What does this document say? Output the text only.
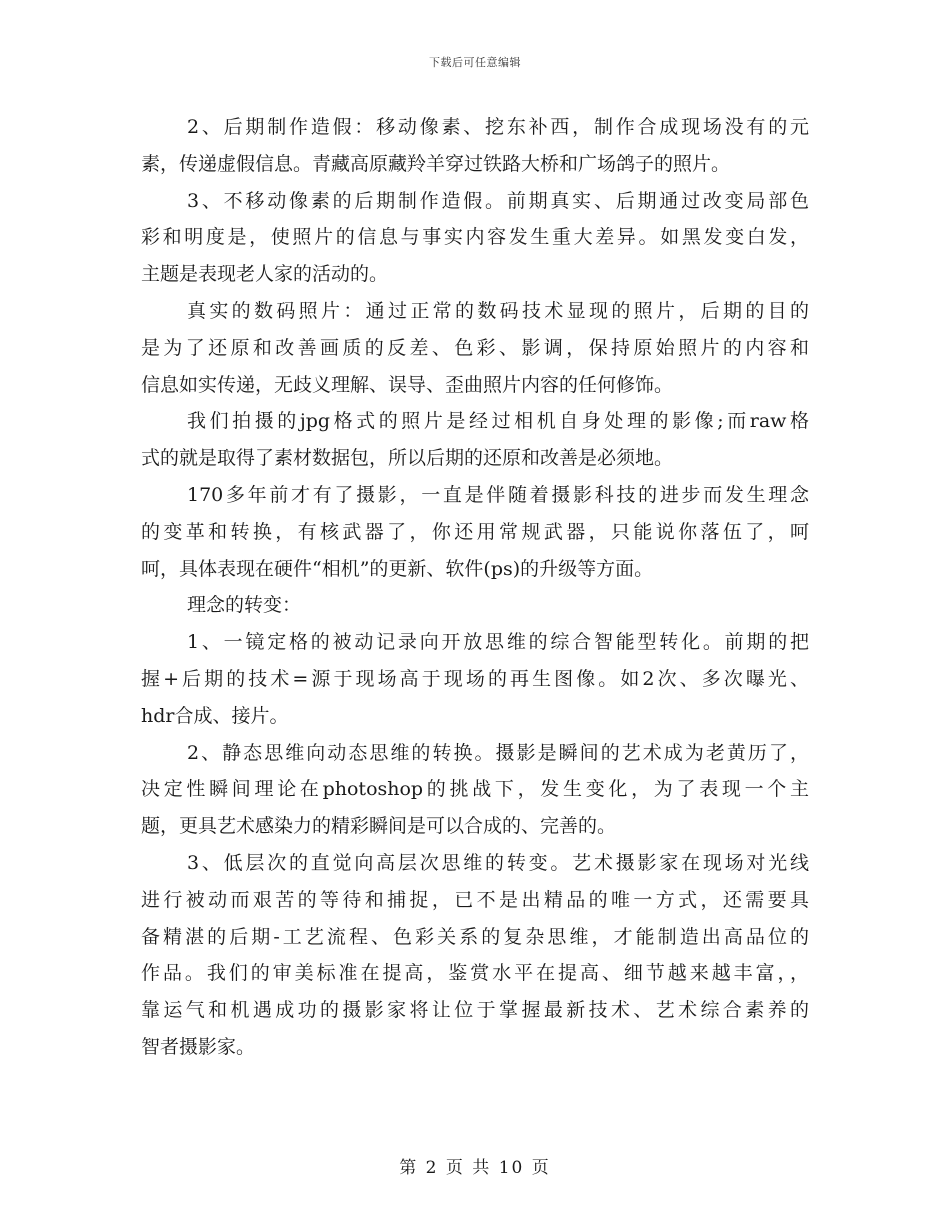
下载后可任意编辑
2、后期制作造假：移动像素、挖东补西，制作合成现场没有的元
素，传递虚假信息。青藏高原藏羚羊穿过铁路大桥和广场鸽子的照片。
3、不移动像素的后期制作造假。前期真实、后期通过改变局部色
彩和明度是，使照片的信息与事实内容发生重大差异。如黑发变白发，
主题是表现老人家的活动的。
真实的数码照片：通过正常的数码技术显现的照片，后期的目的
是为了还原和改善画质的反差、色彩、影调，保持原始照片的内容和
信息如实传递，无歧义理解、误导、歪曲照片内容的任何修饰。
我们拍摄的jpg格式的照片是经过相机自身处理的影像;而raw格
式的就是取得了素材数据包，所以后期的还原和改善是必须地。
170多年前才有了摄影，一直是伴随着摄影科技的进步而发生理念
的变革和转换，有核武器了，你还用常规武器，只能说你落伍了，呵
呵，具体表现在硬件“相机”的更新、软件(ps)的升级等方面。
理念的转变：
1、一镜定格的被动记录向开放思维的综合智能型转化。前期的把
握+后期的技术=源于现场高于现场的再生图像。如2次、多次曝光、
hdr合成、接片。
2、静态思维向动态思维的转换。摄影是瞬间的艺术成为老黄历了，
决定性瞬间理论在photoshop的挑战下，发生变化，为了表现一个主
题，更具艺术感染力的精彩瞬间是可以合成的、完善的。
3、低层次的直觉向高层次思维的转变。艺术摄影家在现场对光线
进行被动而艰苦的等待和捕捉，已不是出精品的唯一方式，还需要具
备精湛的后期-工艺流程、色彩关系的复杂思维，才能制造出高品位的
作品。我们的审美标准在提高，鉴赏水平在提高、细节越来越丰富，，
靠运气和机遇成功的摄影家将让位于掌握最新技术、艺术综合素养的
智者摄影家。
第 2 页 共 10 页
